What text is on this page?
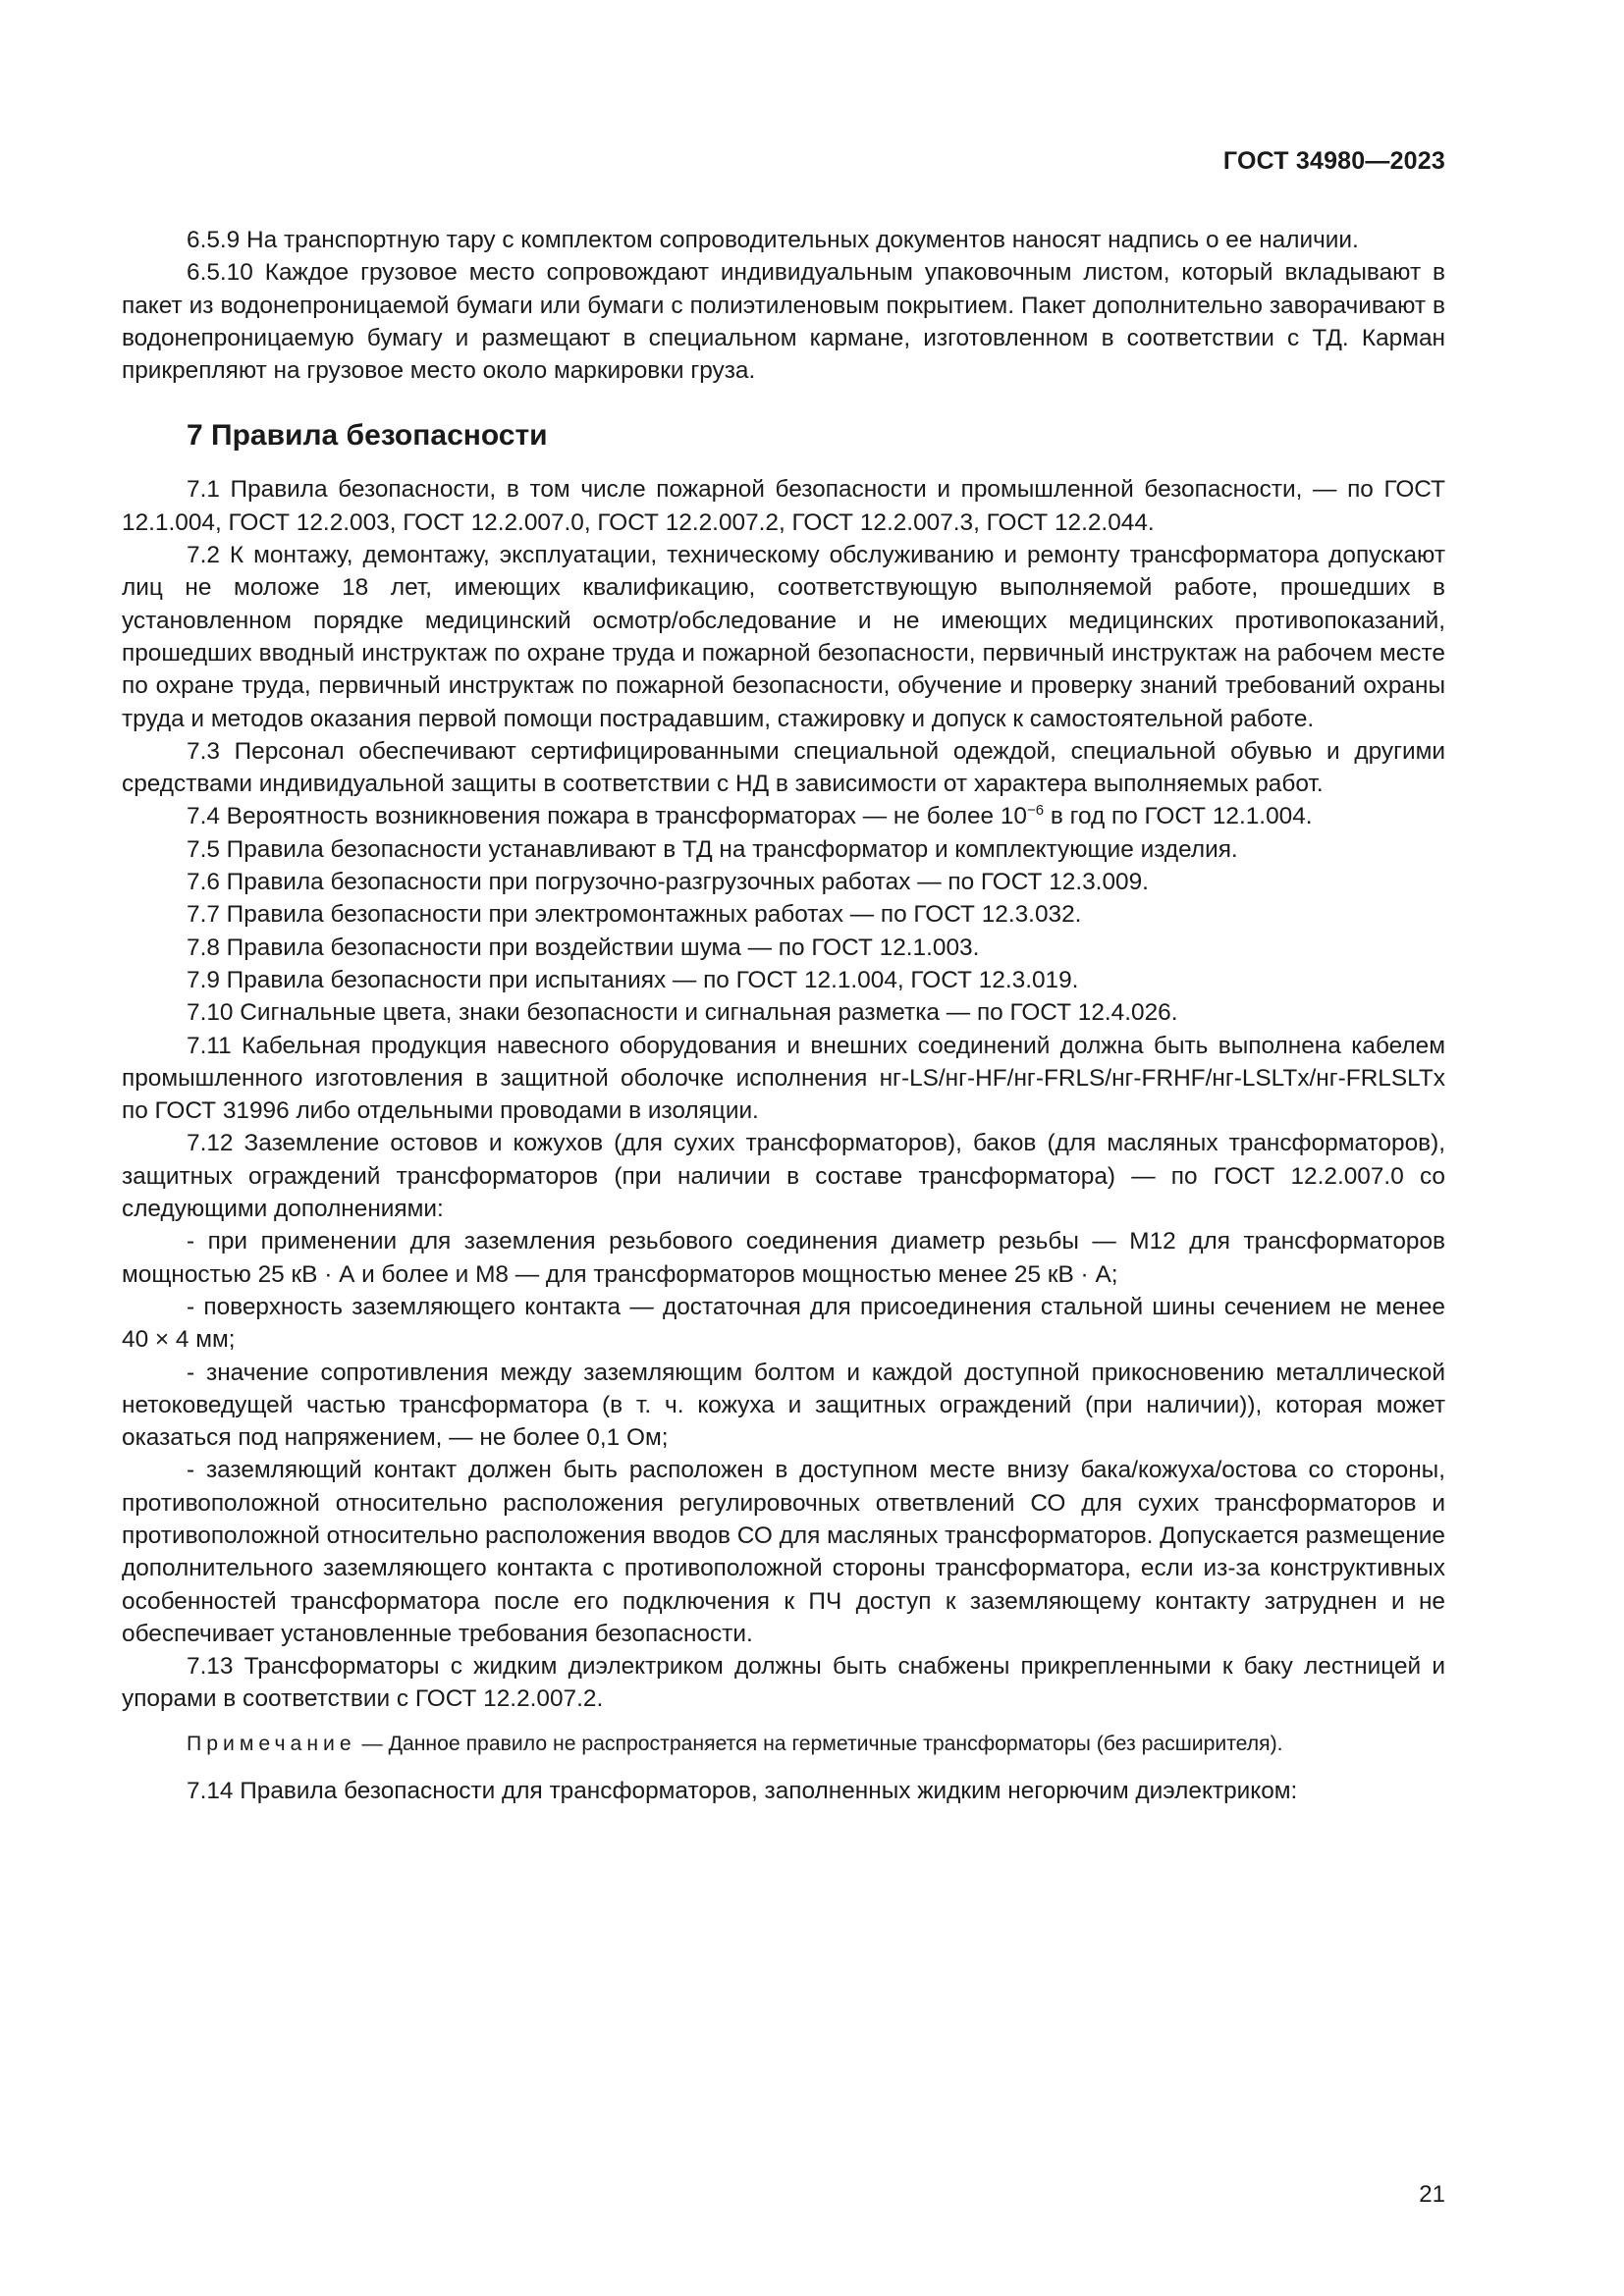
ГОСТ 34980—2023

6.5.9 На транспортную тару с комплектом сопроводительных документов наносят надпись о ее наличии.

6.5.10 Каждое грузовое место сопровождают индивидуальным упаковочным листом, который вкладывают в пакет из водонепроницаемой бумаги или бумаги с полиэтиленовым покрытием. Пакет дополнительно заворачивают в водонепроницаемую бумагу и размещают в специальном кармане, изготовленном в соответствии с ТД. Карман прикрепляют на грузовое место около маркировки груза.

7 Правила безопасности

7.1 Правила безопасности, в том числе пожарной безопасности и промышленной безопасности, — по ГОСТ 12.1.004, ГОСТ 12.2.003, ГОСТ 12.2.007.0, ГОСТ 12.2.007.2, ГОСТ 12.2.007.3, ГОСТ 12.2.044.

7.2 К монтажу, демонтажу, эксплуатации, техническому обслуживанию и ремонту трансформатора допускают лиц не моложе 18 лет, имеющих квалификацию, соответствующую выполняемой работе, прошедших в установленном порядке медицинский осмотр/обследование и не имеющих медицинских противопоказаний, прошедших вводный инструктаж по охране труда и пожарной безопасности, первичный инструктаж на рабочем месте по охране труда, первичный инструктаж по пожарной безопасности, обучение и проверку знаний требований охраны труда и методов оказания первой помощи пострадавшим, стажировку и допуск к самостоятельной работе.

7.3 Персонал обеспечивают сертифицированными специальной одеждой, специальной обувью и другими средствами индивидуальной защиты в соответствии с НД в зависимости от характера выполняемых работ.

7.4 Вероятность возникновения пожара в трансформаторах — не более $10^{-6}$ в год по ГОСТ 12.1.004.

7.5 Правила безопасности устанавливают в ТД на трансформатор и комплектующие изделия.

7.6 Правила безопасности при погрузочно-разгрузочных работах — по ГОСТ 12.3.009.

7.7 Правила безопасности при электромонтажных работах — по ГОСТ 12.3.032.

7.8 Правила безопасности при воздействии шума — по ГОСТ 12.1.003.

7.9 Правила безопасности при испытаниях — по ГОСТ 12.1.004, ГОСТ 12.3.019.

7.10 Сигнальные цвета, знаки безопасности и сигнальная разметка — по ГОСТ 12.4.026.

7.11 Кабельная продукция навесного оборудования и внешних соединений должна быть выполнена кабелем промышленного изготовления в защитной оболочке исполнения нг-LS/нг-HF/нг-FRLS/нг-FRHF/нг-LSLTx/нг-FRLSLTx по ГОСТ 31996 либо отдельными проводами в изоляции.

7.12 Заземление остовов и кожухов (для сухих трансформаторов), баков (для масляных трансформаторов), защитных ограждений трансформаторов (при наличии в составе трансформатора) — по ГОСТ 12.2.007.0 со следующими дополнениями:

- при применении для заземления резьбового соединения диаметр резьбы — М12 для трансформаторов мощностью 25 кВ · А и более и М8 — для трансформаторов мощностью менее 25 кВ · А;

- поверхность заземляющего контакта — достаточная для присоединения стальной шины сечением не менее 40 × 4 мм;

- значение сопротивления между заземляющим болтом и каждой доступной прикосновению металлической нетоковедущей частью трансформатора (в т. ч. кожуха и защитных ограждений (при наличии)), которая может оказаться под напряжением, — не более 0,1 Ом;

- заземляющий контакт должен быть расположен в доступном месте внизу бака/кожуха/остова со стороны, противоположной относительно расположения регулировочных ответвлений СО для сухих трансформаторов и противоположной относительно расположения вводов СО для масляных трансформаторов. Допускается размещение дополнительного заземляющего контакта с противоположной стороны трансформатора, если из-за конструктивных особенностей трансформатора после его подключения к ПЧ доступ к заземляющему контакту затруднен и не обеспечивает установленные требования безопасности.

7.13 Трансформаторы с жидким диэлектриком должны быть снабжены прикрепленными к баку лестницей и упорами в соответствии с ГОСТ 12.2.007.2.

Примечание — Данное правило не распространяется на герметичные трансформаторы (без расширителя).

7.14 Правила безопасности для трансформаторов, заполненных жидким негорючим диэлектриком:

21
